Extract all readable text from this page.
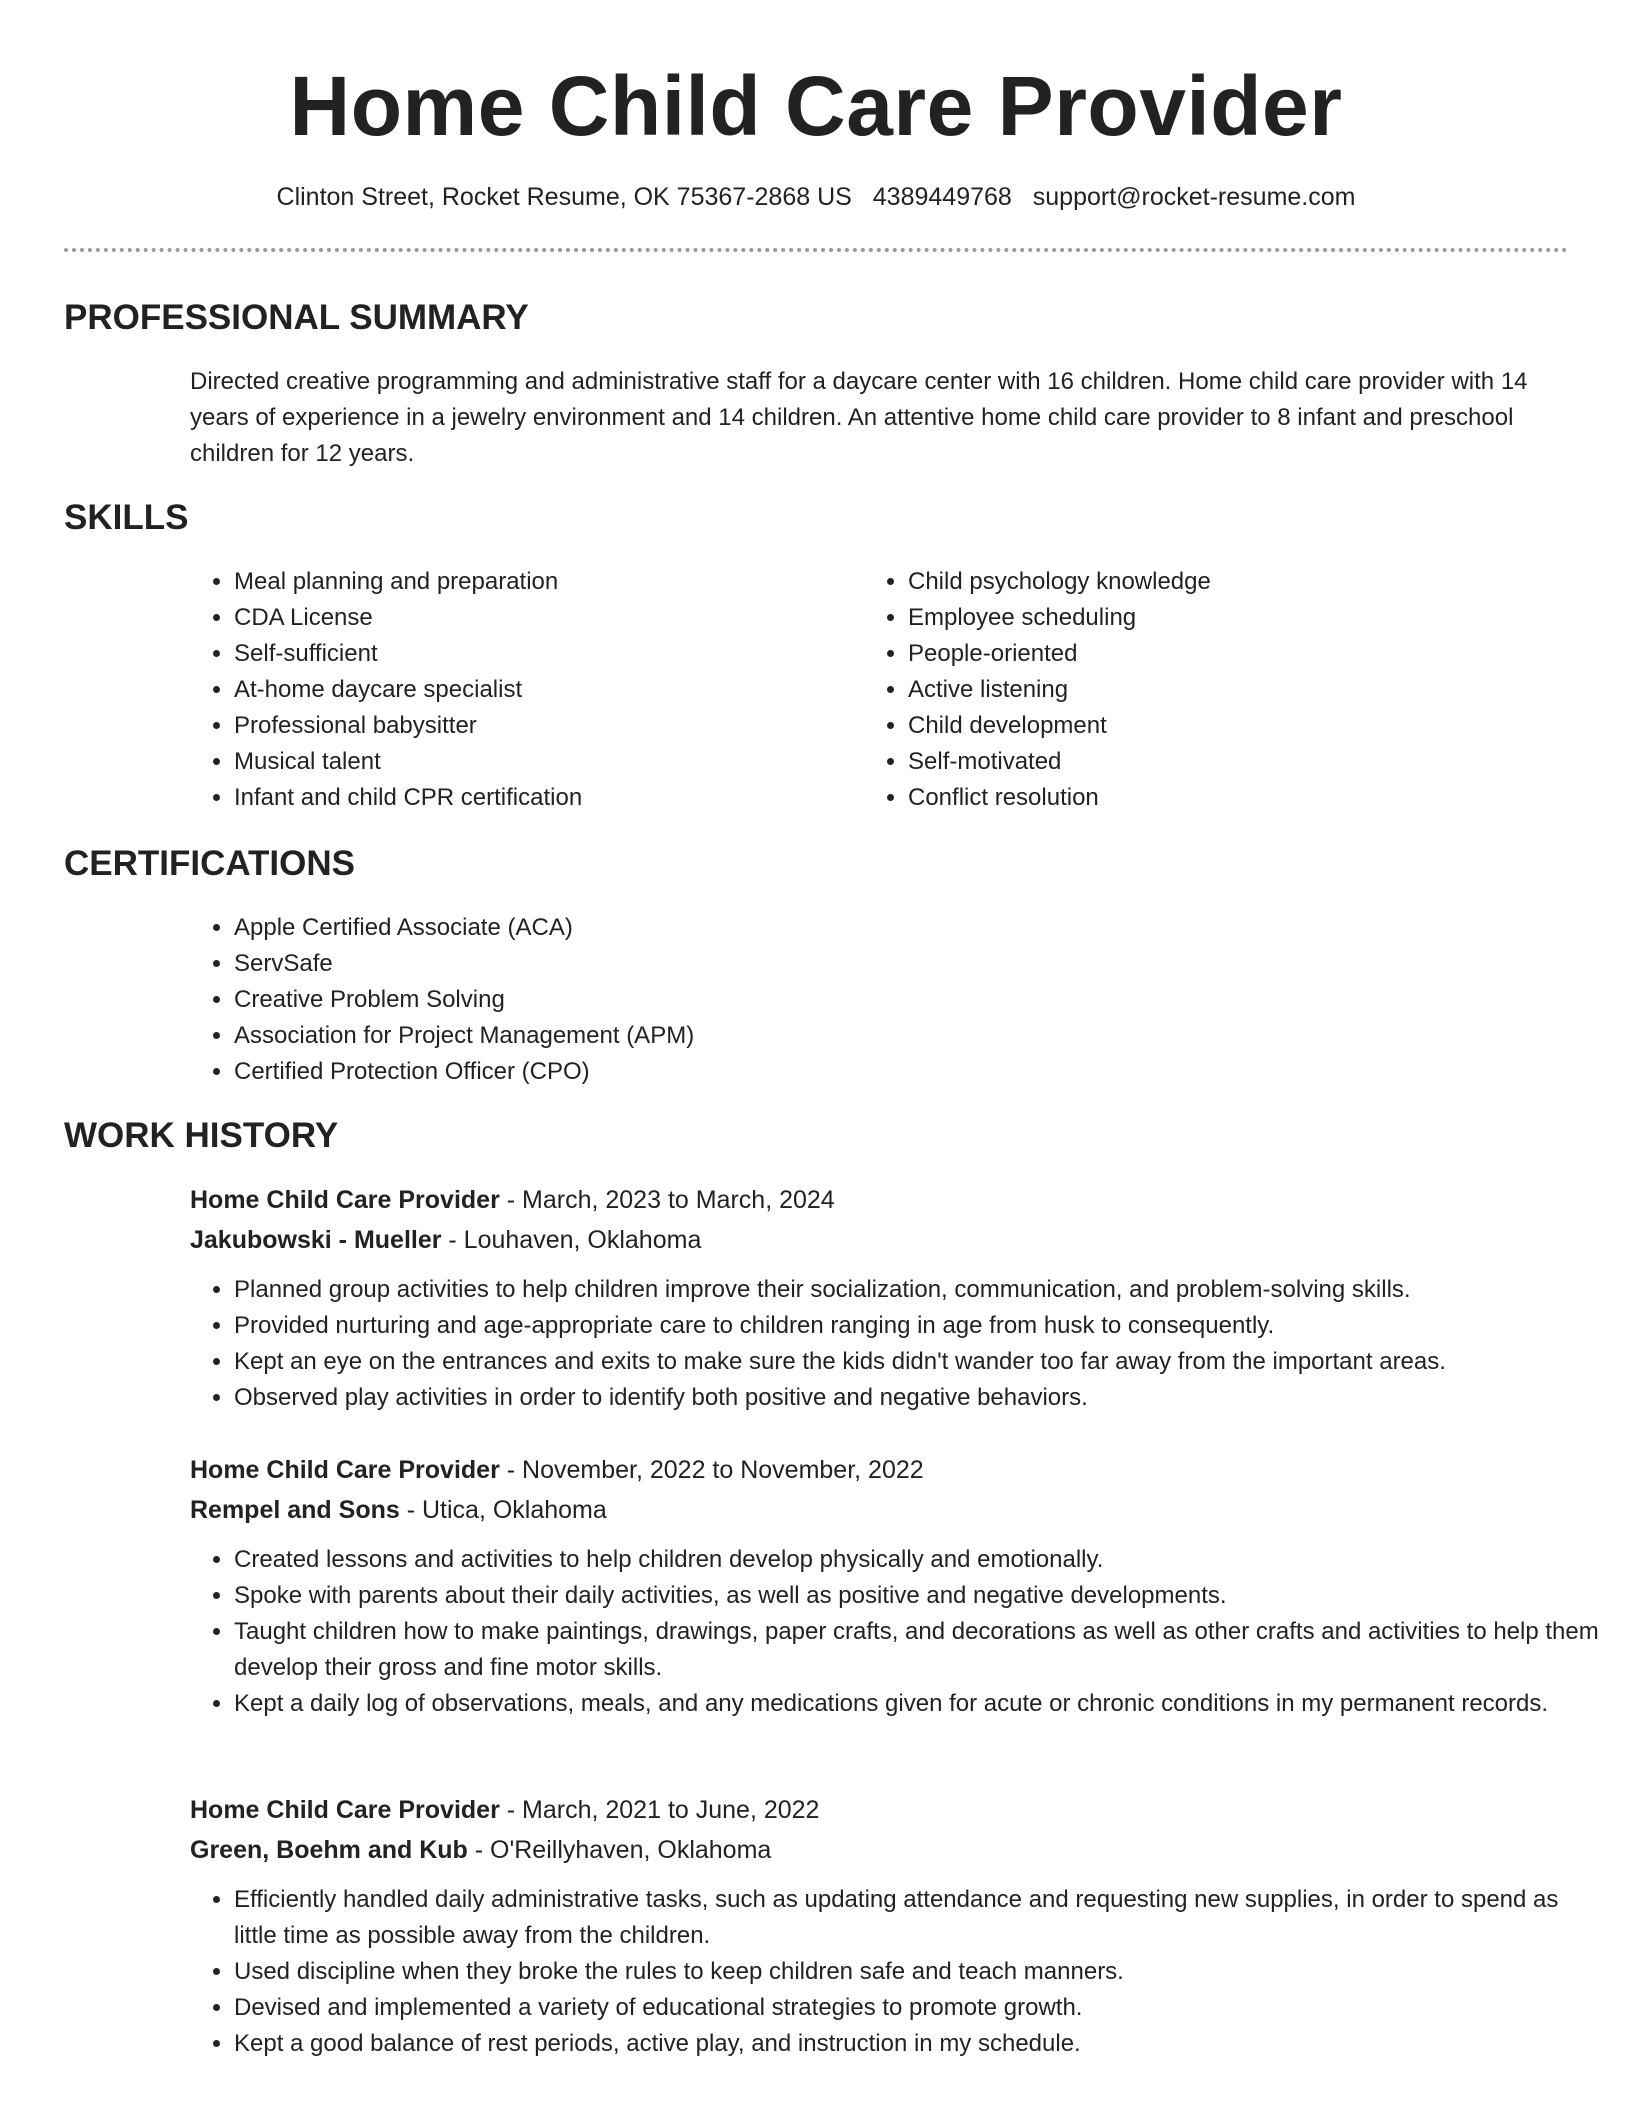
Home Child Care Provider
Clinton Street, Rocket Resume, OK 75367-2868 US 4389449768 support@rocket-resume.com
PROFESSIONAL SUMMARY

Directed creative programming and administrative staff for a daycare center with 16 children. Home child care provider with 14 years of experience in a jewelry environment and 14 children. An attentive home child care provider to 8 infant and preschool children for 12 years.

SKILLS
• Meal planning and preparation
• CDA License
• Self-sufficient
• At-home daycare specialist
• Professional babysitter
• Musical talent
• Infant and child CPR certification
• Child psychology knowledge
• Employee scheduling
• People-oriented
• Active listening
• Child development
• Self-motivated
• Conflict resolution
CERTIFICATIONS
• Apple Certified Associate (ACA)
• ServSafe
• Creative Problem Solving
• Association for Project Management (APM)
• Certified Protection Officer (CPO)
WORK HISTORY

Home Child Care Provider - March, 2023 to March, 2024

Jakubowski - Mueller - Louhaven, Oklahoma

• Planned group activities to help children improve their socialization, communication, and problem-solving skills.
• Provided nurturing and age-appropriate care to children ranging in age from husk to consequently.
• Kept an eye on the entrances and exits to make sure the kids didn't wander too far away from the important areas.
• Observed play activities in order to identify both positive and negative behaviors.

Home Child Care Provider - November, 2022 to November, 2022

Rempel and Sons - Utica, Oklahoma

• Created lessons and activities to help children develop physically and emotionally.
• Spoke with parents about their daily activities, as well as positive and negative developments.
• Taught children how to make paintings, drawings, paper crafts, and decorations as well as other crafts and activities to help them develop their gross and fine motor skills.
• Kept a daily log of observations, meals, and any medications given for acute or chronic conditions in my permanent records.

Home Child Care Provider - March, 2021 to June, 2022

Green, Boehm and Kub - O'Reillyhaven, Oklahoma

• Efficiently handled daily administrative tasks, such as updating attendance and requesting new supplies, in order to spend as little time as possible away from the children.
• Used discipline when they broke the rules to keep children safe and teach manners.
• Devised and implemented a variety of educational strategies to promote growth.
• Kept a good balance of rest periods, active play, and instruction in my schedule.
